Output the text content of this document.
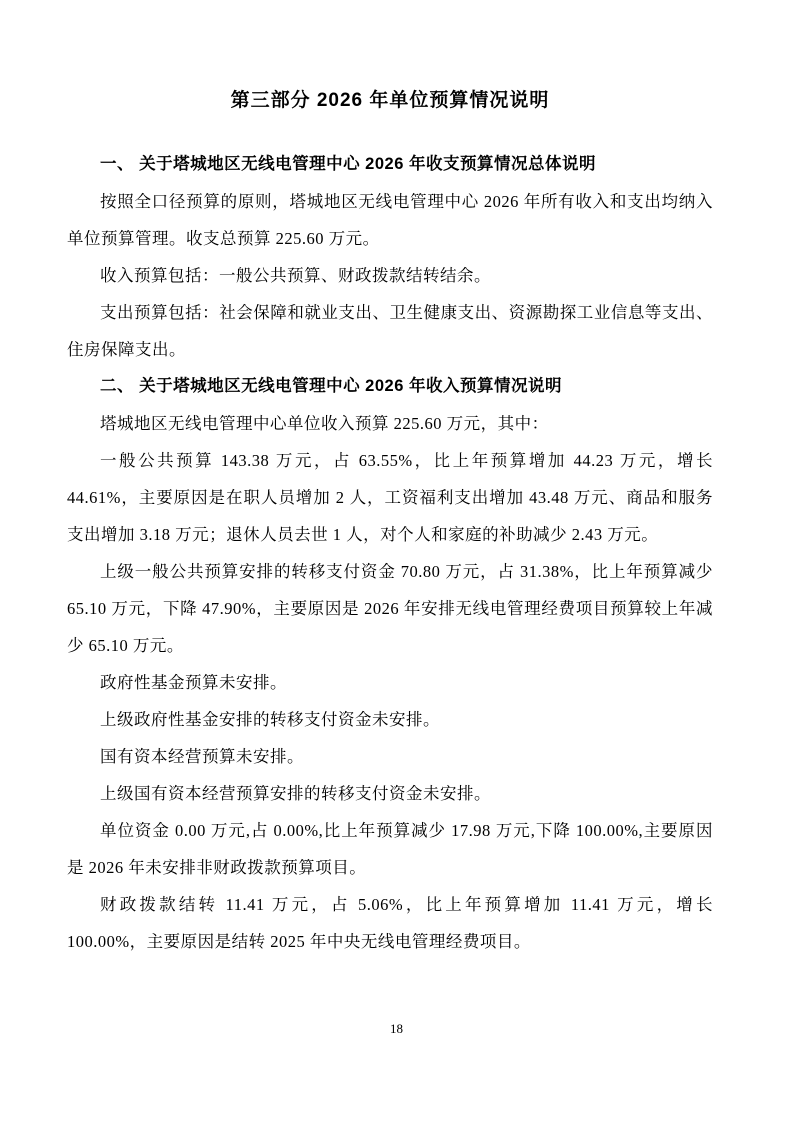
第三部分 2026 年单位预算情况说明
一、 关于塔城地区无线电管理中心 2026 年收支预算情况总体说明

按照全口径预算的原则，塔城地区无线电管理中心 2026 年所有收入和支出均纳入单位预算管理。收支总预算 225.60 万元。

收入预算包括：一般公共预算、财政拨款结转结余。

支出预算包括：社会保障和就业支出、卫生健康支出、资源勘探工业信息等支出、住房保障支出。

二、 关于塔城地区无线电管理中心 2026 年收入预算情况说明

塔城地区无线电管理中心单位收入预算 225.60 万元，其中：

一般公共预算 143.38 万元，占 63.55%，比上年预算增加 44.23 万元，增长 44.61%，主要原因是在职人员增加 2 人，工资福利支出增加 43.48 万元、商品和服务支出增加 3.18 万元；退休人员去世 1 人，对个人和家庭的补助减少 2.43 万元。

上级一般公共预算安排的转移支付资金 70.80 万元，占 31.38%，比上年预算减少 65.10 万元，下降 47.90%，主要原因是 2026 年安排无线电管理经费项目预算较上年减少 65.10 万元。

政府性基金预算未安排。

上级政府性基金安排的转移支付资金未安排。

国有资本经营预算未安排。

上级国有资本经营预算安排的转移支付资金未安排。

单位资金 0.00 万元,占 0.00%,比上年预算减少 17.98 万元,下降 100.00%,主要原因是 2026 年未安排非财政拨款预算项目。

财政拨款结转 11.41 万元，占 5.06%，比上年预算增加 11.41 万元，增长 100.00%，主要原因是结转 2025 年中央无线电管理经费项目。

18
